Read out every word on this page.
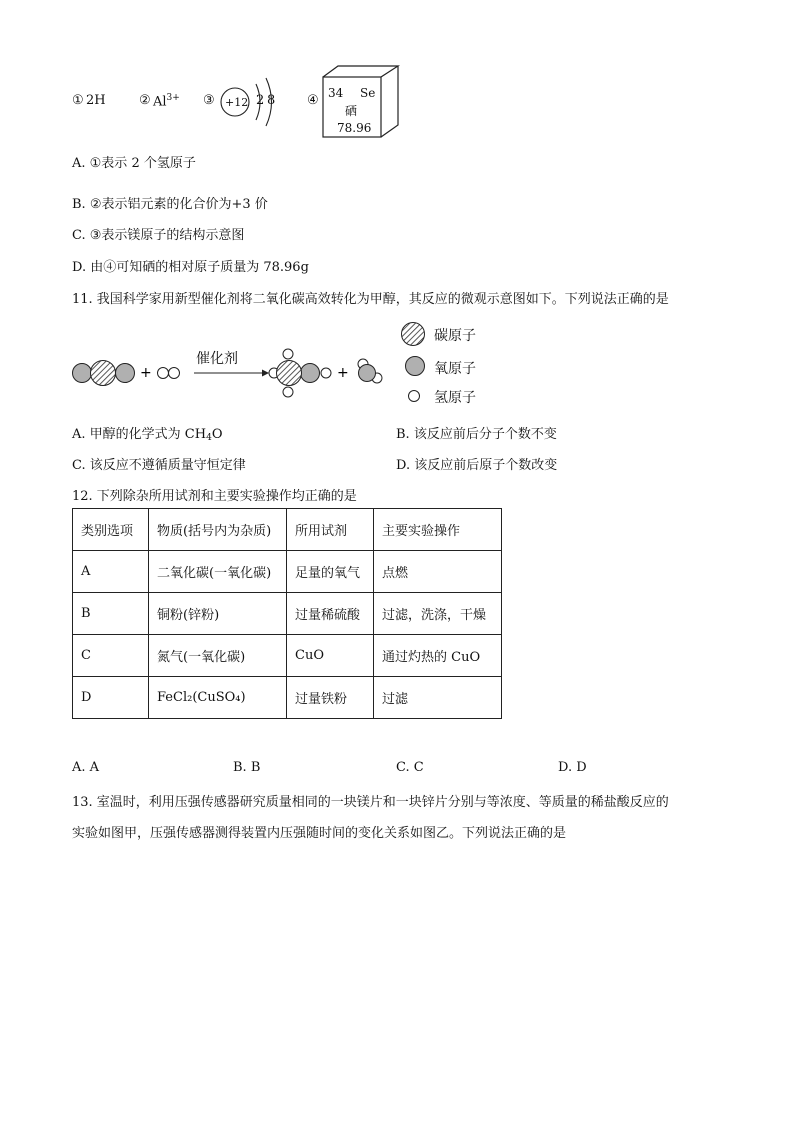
① 2H	② $Al^{3+}$ ③ +12 2 8 ④ 34 Se
硒
78.96
A. ①表示 2 个氢原子
B. ②表示铝元素的化合价为+3 价
C. ③表示镁原子的结构示意图
D. 由④可知硒的相对原子质量为 78.96g
11. 我国科学家用新型催化剂将二氧化碳高效转化为甲醇，其反应的微观示意图如下。下列说法正确的是
+	+
催化剂
碳原子
氧原子
氢原子
A. 甲醇的化学式为 $CH_4O$	B. 该反应前后分子个数不变
C. 该反应不遵循质量守恒定律	D. 该反应前后原子个数改变
12. 下列除杂所用试剂和主要实验操作均正确的是
类别选项	物质(括号内为杂质)	所用试剂	主要实验操作
A	二氧化碳(一氧化碳)	足量的氧气	点燃
B	铜粉(锌粉)	过量稀硫酸	过滤，洗涤，干燥
C	氮气(一氧化碳)	CuO	通过灼热的 CuO
D	FeCl₂(CuSO₄)	过量铁粉	过滤
A. A	B. B	C. C	D. D
13. 室温时，利用压强传感器研究质量相同的一块镁片和一块锌片分别与等浓度、等质量的稀盐酸反应的
实验如图甲，压强传感器测得装置内压强随时间的变化关系如图乙。下列说法正确的是
